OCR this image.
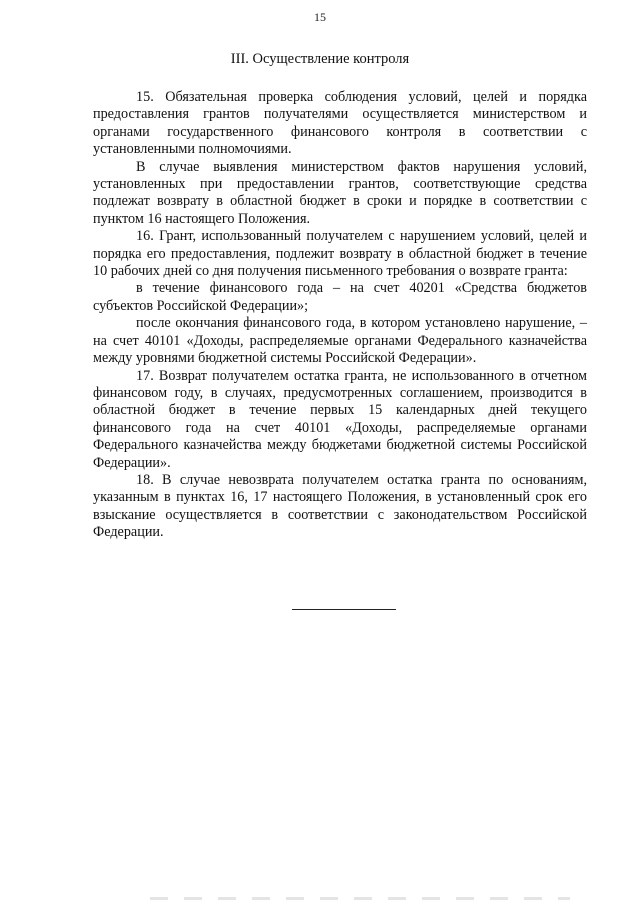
15
III. Осуществление контроля

15. Обязательная проверка соблюдения условий, целей и порядка предоставления грантов получателями осуществляется министерством и органами государственного финансового контроля в соответствии с установленными полномочиями.

В случае выявления министерством фактов нарушения условий, установленных при предоставлении грантов, соответствующие средства подлежат возврату в областной бюджет в сроки и порядке в соответствии с пунктом 16 настоящего Положения.

16. Грант, использованный получателем с нарушением условий, целей и порядка его предоставления, подлежит возврату в областной бюджет в течение 10 рабочих дней со дня получения письменного требования о возврате гранта:

в течение финансового года – на счет 40201 «Средства бюджетов субъектов Российской Федерации»;

после окончания финансового года, в котором установлено нарушение, – на счет 40101 «Доходы, распределяемые органами Федерального казначейства между уровнями бюджетной системы Российской Федерации».

17. Возврат получателем остатка гранта, не использованного в отчетном финансовом году, в случаях, предусмотренных соглашением, производится в областной бюджет в течение первых 15 календарных дней текущего финансового года на счет 40101 «Доходы, распределяемые органами Федерального казначейства между бюджетами бюджетной системы Российской Федерации».

18. В случае невозврата получателем остатка гранта по основаниям, указанным в пунктах 16, 17 настоящего Положения, в установленный срок его взыскание осуществляется в соответствии с законодательством Российской Федерации.
